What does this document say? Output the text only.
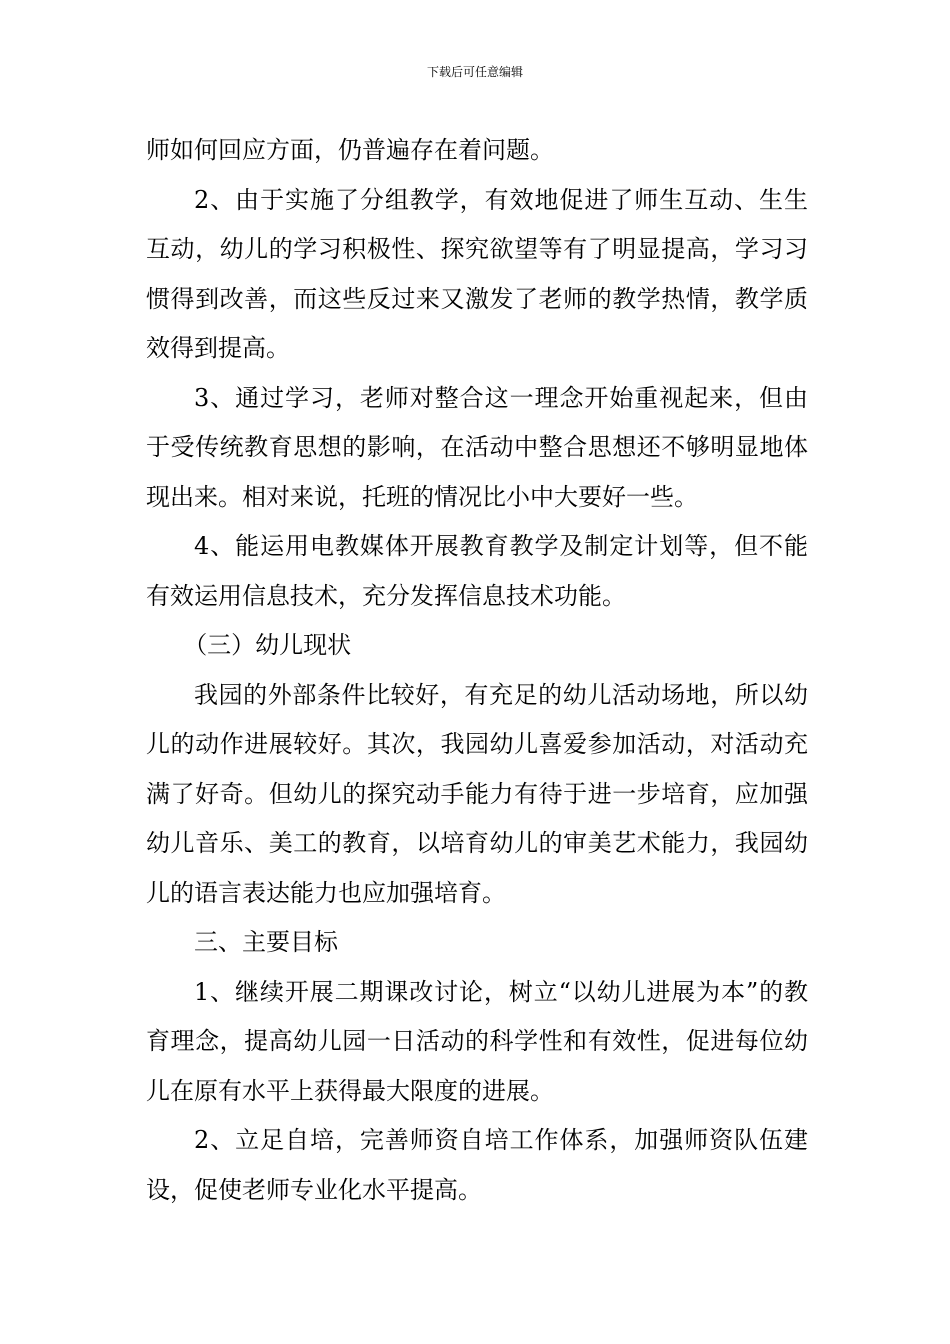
下载后可任意编辑

师如何回应方面，仍普遍存在着问题。

2、由于实施了分组教学，有效地促进了师生互动、生生互动，幼儿的学习积极性、探究欲望等有了明显提高，学习习惯得到改善，而这些反过来又激发了老师的教学热情，教学质效得到提高。

3、通过学习，老师对整合这一理念开始重视起来，但由于受传统教育思想的影响，在活动中整合思想还不够明显地体现出来。相对来说，托班的情况比小中大要好一些。

4、能运用电教媒体开展教育教学及制定计划等，但不能有效运用信息技术，充分发挥信息技术功能。

（三）幼儿现状

我园的外部条件比较好，有充足的幼儿活动场地，所以幼儿的动作进展较好。其次，我园幼儿喜爱参加活动，对活动充满了好奇。但幼儿的探究动手能力有待于进一步培育，应加强幼儿音乐、美工的教育，以培育幼儿的审美艺术能力，我园幼儿的语言表达能力也应加强培育。

三、主要目标

1、继续开展二期课改讨论，树立“以幼儿进展为本”的教育理念，提高幼儿园一日活动的科学性和有效性，促进每位幼儿在原有水平上获得最大限度的进展。

2、立足自培，完善师资自培工作体系，加强师资队伍建设，促使老师专业化水平提高。
